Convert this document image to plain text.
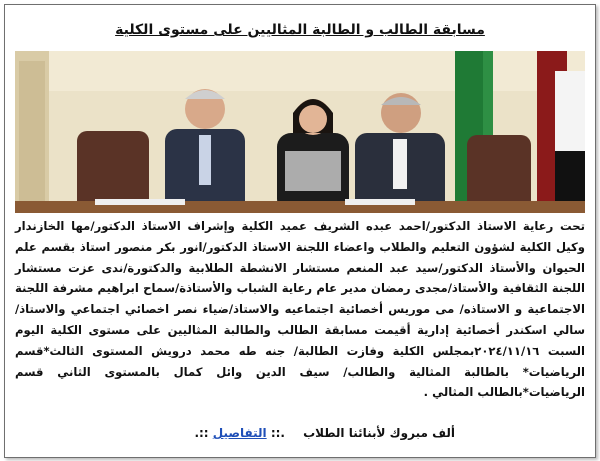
مسابقة الطالب و الطالبة المثاليين على مستوى الكلية
تحت رعاية الاستاذ الدكتور/احمد عبده الشريف عميد الكلية وإشراف الاستاذ الدكتور/مها الخازندار وكيل الكلية لشؤون التعليم والطلاب واعضاء اللجنة الاستاذ الدكتور/انور بكر منصور استاذ بقسم علم الحيوان والأستاذ الدكتور/سيد عبد المنعم مستشار الانشطة الطلابية والدكتورة/ندى عزت مستشار اللجنة الثقافية والأستاذ/مجدى رمضان مدير عام رعاية الشباب والأستاذة/سماح ابراهيم مشرفة اللجنة الاجتماعية و الاستاذه/ مى موريس أخصائية اجتماعيه والاستاذ/ضياء نصر اخصائي اجتماعي والاستاذ/سالي اسكندر أخصائية إدارية أقيمت مسابقة الطالب والطالبة المثاليين على مستوى الكلية اليوم السبت ٢٠٢٤/١١/١٦بمجلس الكلية وفازت الطالبة/ جنه طه محمد درويش المستوى الثالث*قسم الرياضيات* بالطالبة المثالية والطالب/ سيف الدين وائل كمال بالمستوى الثاني قسم الرياضيات*بالطالب المثالي .
ألف مبروك لأبنائنا الطلاب
.:: التفاصيل ::.
